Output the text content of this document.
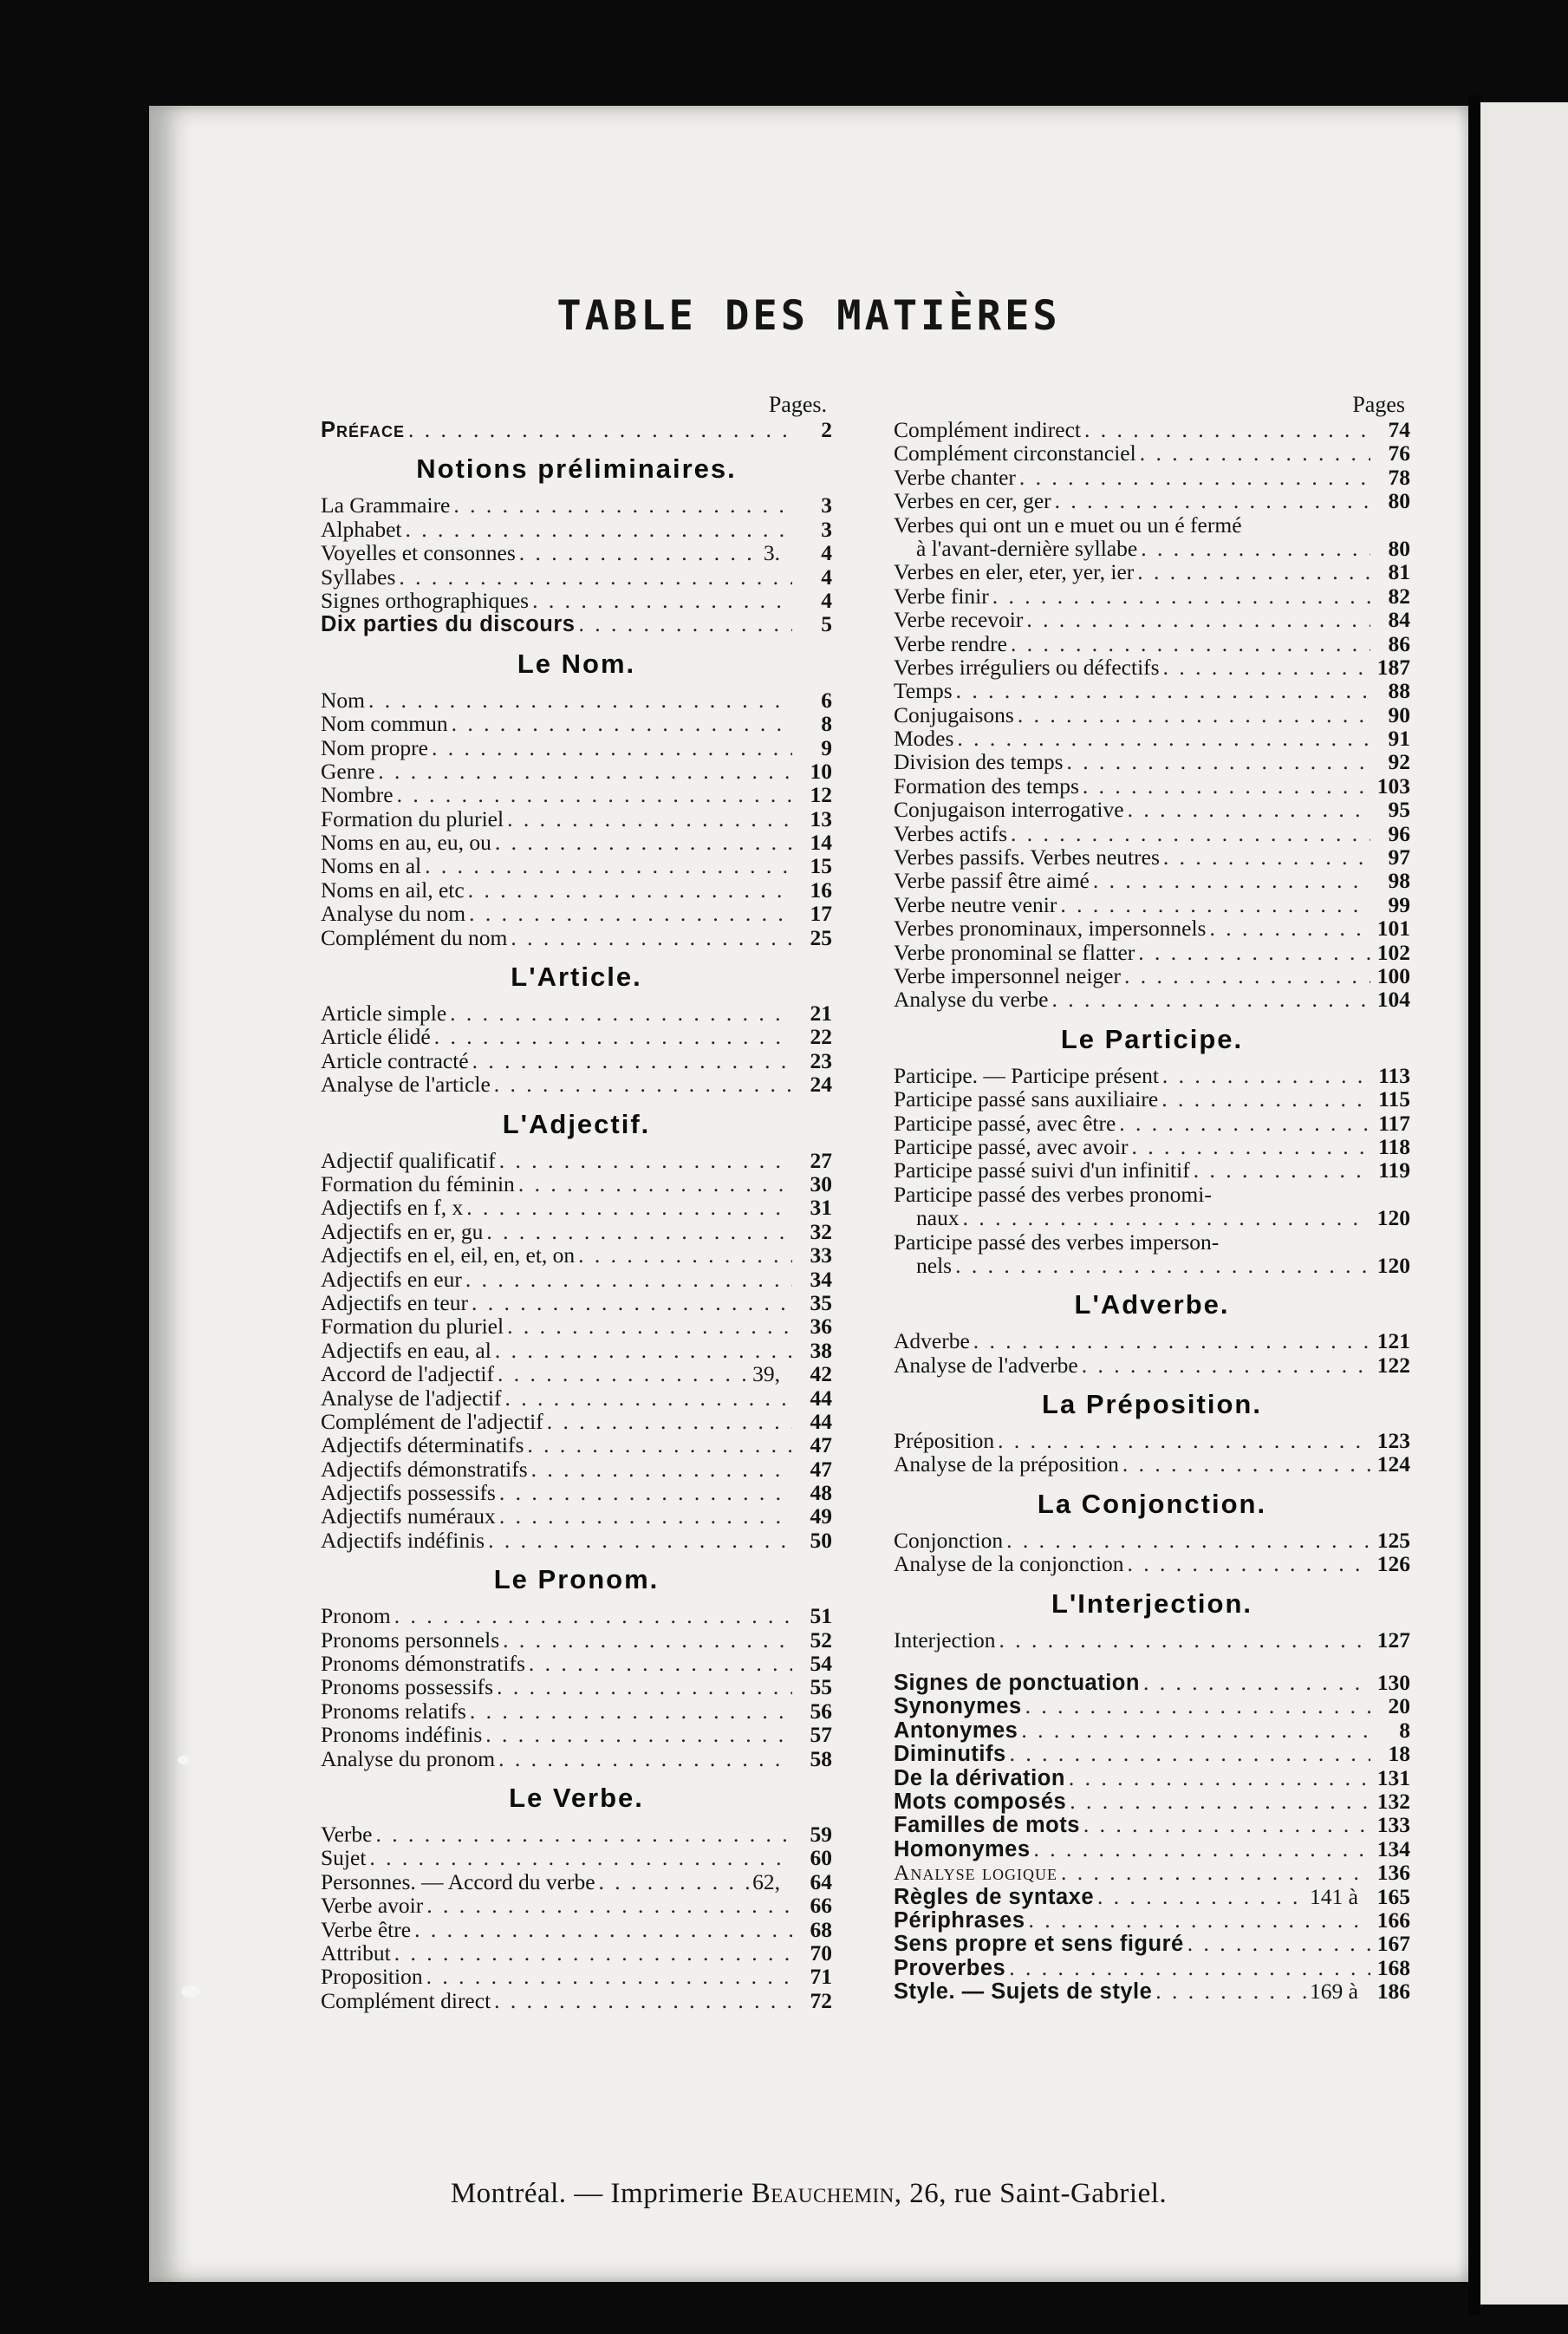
TABLE DES MATIÈRES
Pages.
Préface . . .	2
Notions préliminaires.
La Grammaire . . .	3
Alphabet . . .	3
Voyelles et consonnes . . .	3.	4
Syllabes . . .	4
Signes orthographiques . . .	4
Dix parties du discours . . .	5
Le Nom.
Nom . . .	6
Nom commun . . .	8
Nom propre . . .	9
Genre . . .	10
Nombre . . .	12
Formation du pluriel . . .	13
Noms en au, eu, ou . . .	14
Noms en al . . .	15
Noms en ail, etc . . .	16
Analyse du nom . . .	17
Complément du nom . . .	25
L'Article.
Article simple . . .	21
Article élidé . . .	22
Article contracté . . .	23
Analyse de l'article . . .	24
L'Adjectif.
Adjectif qualificatif . . .	27
Formation du féminin . . .	30
Adjectifs en f, x . . .	31
Adjectifs en er, gu . . .	32
Adjectifs en el, eil, en, et, on . . .	33
Adjectifs en eur . . .	34
Adjectifs en teur . . .	35
Formation du pluriel . . .	36
Adjectifs en eau, al . . .	38
Accord de l'adjectif . . .	39,	42
Analyse de l'adjectif . . .	44
Complément de l'adjectif . . .	44
Adjectifs déterminatifs . . .	47
Adjectifs démonstratifs . . .	47
Adjectifs possessifs . . .	48
Adjectifs numéraux . . .	49
Adjectifs indéfinis . . .	50
Le Pronom.
Pronom . . .	51
Pronoms personnels . . .	52
Pronoms démonstratifs . . .	54
Pronoms possessifs . . .	55
Pronoms relatifs . . .	56
Pronoms indéfinis . . .	57
Analyse du pronom . . .	58
Le Verbe.
Verbe . . .	59
Sujet . . .	60
Personnes. — Accord du verbe . . .	62,	64
Verbe avoir . . .	66
Verbe être . . .	68
Attribut . . .	70
Proposition . . .	71
Complément direct . . .	72
Pages
Complément indirect . . .	74
Complément circonstanciel . . .	76
Verbe chanter . . .	78
Verbes en cer, ger . . .	80
Verbes qui ont un e muet ou un é fermé
à l'avant-dernière syllabe . . .	80
Verbes en eler, eter, yer, ier . . .	81
Verbe finir . . .	82
Verbe recevoir . . .	84
Verbe rendre . . .	86
Verbes irréguliers ou défectifs . . .	187
Temps . . .	88
Conjugaisons . . .	90
Modes . . .	91
Division des temps . . .	92
Formation des temps . . .	103
Conjugaison interrogative . . .	95
Verbes actifs . . .	96
Verbes passifs. Verbes neutres . . .	97
Verbe passif être aimé . . .	98
Verbe neutre venir . . .	99
Verbes pronominaux, impersonnels . . .	101
Verbe pronominal se flatter . . .	102
Verbe impersonnel neiger . . .	100
Analyse du verbe . . .	104
Le Participe.
Participe. — Participe présent . . .	113
Participe passé sans auxiliaire . . .	115
Participe passé, avec être . . .	117
Participe passé, avec avoir . . .	118
Participe passé suivi d'un infinitif . . .	119
Participe passé des verbes pronomi-
naux . . .	120
Participe passé des verbes imperson-
nels . . .	120
L'Adverbe.
Adverbe . . .	121
Analyse de l'adverbe . . .	122
La Préposition.
Préposition . . .	123
Analyse de la préposition . . .	124
La Conjonction.
Conjonction . . .	125
Analyse de la conjonction . . .	126
L'Interjection.
Interjection . . .	127
Signes de ponctuation . . .	130
Synonymes . . .	20
Antonymes . . .	8
Diminutifs . . .	18
De la dérivation . . .	131
Mots composés . . .	132
Familles de mots . . .	133
Homonymes . . .	134
Analyse logique . . .	136
Règles de syntaxe . . .	141 à 165
Périphrases . . .	166
Sens propre et sens figuré . . .	167
Proverbes . . .	168
Style. — Sujets de style . . .	169 à 186
Montréal. — Imprimerie Beauchemin, 26, rue Saint-Gabriel.
